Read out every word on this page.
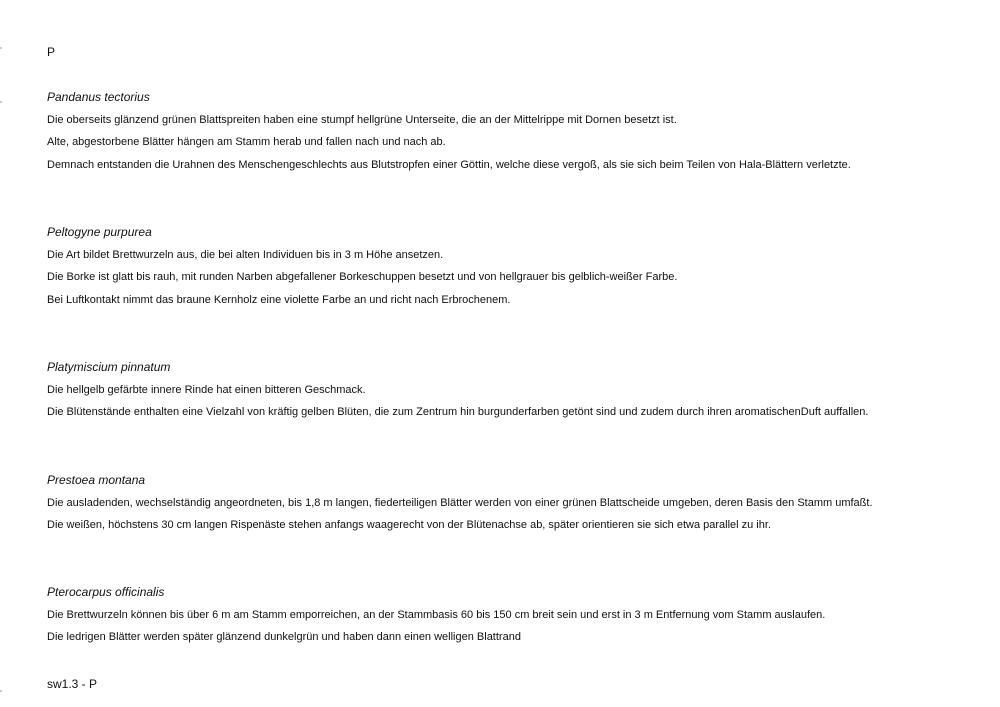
P
Pandanus tectorius
Die oberseits glänzend grünen Blattspreiten haben eine stumpf hellgrüne Unterseite, die an der Mittelrippe mit Dornen besetzt ist.
Alte, abgestorbene Blätter hängen am Stamm herab und fallen nach und nach ab.
Demnach entstanden die Urahnen des Menschengeschlechts aus Blutstropfen einer Göttin, welche diese vergoß, als sie sich beim Teilen von Hala-Blättern verletzte.
Peltogyne purpurea
Die Art bildet Brettwurzeln aus, die bei alten Individuen bis in 3 m Höhe ansetzen.
Die Borke ist glatt bis rauh, mit runden Narben abgefallener Borkeschuppen besetzt und von hellgrauer bis gelblich-weißer Farbe.
Bei Luftkontakt nimmt das braune Kernholz eine violette Farbe an und richt nach Erbrochenem.
Platymiscium pinnatum
Die hellgelb gefärbte innere Rinde hat einen bitteren Geschmack.
Die Blütenstände enthalten eine Vielzahl von kräftig gelben Blüten, die zum Zentrum hin burgunderfarben getönt sind und zudem durch ihren aromatischenDuft auffallen.
Prestoea montana
Die ausladenden, wechselständig angeordneten, bis 1,8 m langen, fiederteiligen Blätter werden von einer grünen Blattscheide umgeben, deren Basis den Stamm umfaßt.
Die weißen, höchstens 30 cm langen Rispenäste stehen anfangs waagerecht von der Blütenachse ab, später orientieren sie sich etwa parallel zu ihr.
Pterocarpus officinalis
Die Brettwurzeln können bis über 6 m am Stamm emporreichen, an der Stammbasis 60 bis 150 cm breit sein und erst in 3 m Entfernung vom Stamm auslaufen.
Die ledrigen Blätter werden später glänzend dunkelgrün und haben dann einen welligen Blattrand
sw1.3 - P
